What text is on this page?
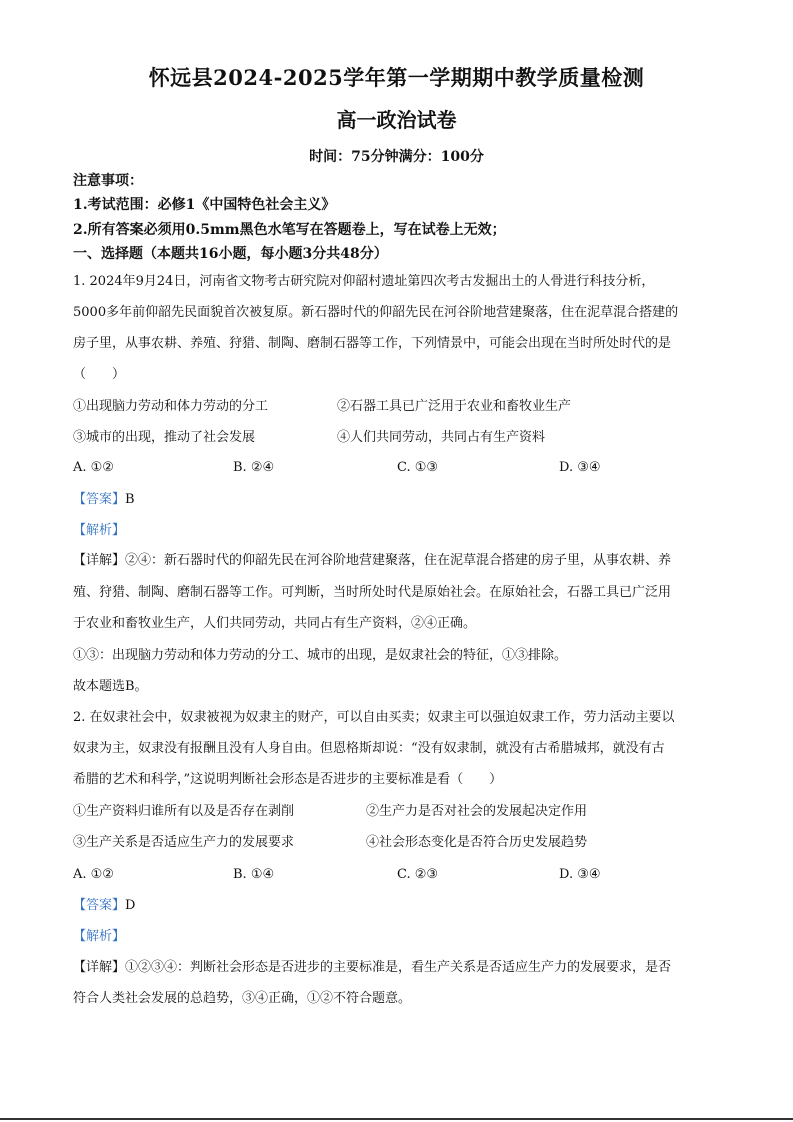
怀远县2024-2025学年第一学期期中教学质量检测
高一政治试卷
时间：75分钟满分：100分
注意事项：
1.考试范围：必修1《中国特色社会主义》
2.所有答案必须用0.5mm黑色水笔写在答题卷上，写在试卷上无效；
一、选择题（本题共16小题，每小题3分共48分）
1. 2024年9月24日，河南省文物考古研究院对仰韶村遗址第四次考古发掘出土的人骨进行科技分析，
5000多年前仰韶先民面貌首次被复原。新石器时代的仰韶先民在河谷阶地营建聚落，住在泥草混合搭建的
房子里，从事农耕、养殖、狩猎、制陶、磨制石器等工作，下列情景中，可能会出现在当时所处时代的是
（　　）
①出现脑力劳动和体力劳动的分工	②石器工具已广泛用于农业和畜牧业生产
③城市的出现，推动了社会发展	④人们共同劳动，共同占有生产资料
A. ①②	B. ②④	C. ①③	D. ③④
【答案】B
【解析】
【详解】②④：新石器时代的仰韶先民在河谷阶地营建聚落，住在泥草混合搭建的房子里，从事农耕、养
殖、狩猎、制陶、磨制石器等工作。可判断，当时所处时代是原始社会。在原始社会，石器工具已广泛用
于农业和畜牧业生产，人们共同劳动，共同占有生产资料，②④正确。
①③：出现脑力劳动和体力劳动的分工、城市的出现，是奴隶社会的特征，①③排除。
故本题选B。
2. 在奴隶社会中，奴隶被视为奴隶主的财产，可以自由买卖；奴隶主可以强迫奴隶工作，劳力活动主要以
奴隶为主，奴隶没有报酬且没有人身自由。但恩格斯却说：“没有奴隶制，就没有古希腊城邦，就没有古
希腊的艺术和科学，”这说明判断社会形态是否进步的主要标准是看（　　）
①生产资料归谁所有以及是否存在剥削	②生产力是否对社会的发展起决定作用
③生产关系是否适应生产力的发展要求	④社会形态变化是否符合历史发展趋势
A. ①②	B. ①④	C. ②③	D. ③④
【答案】D
【解析】
【详解】①②③④：判断社会形态是否进步的主要标准是，看生产关系是否适应生产力的发展要求，是否
符合人类社会发展的总趋势，③④正确，①②不符合题意。
